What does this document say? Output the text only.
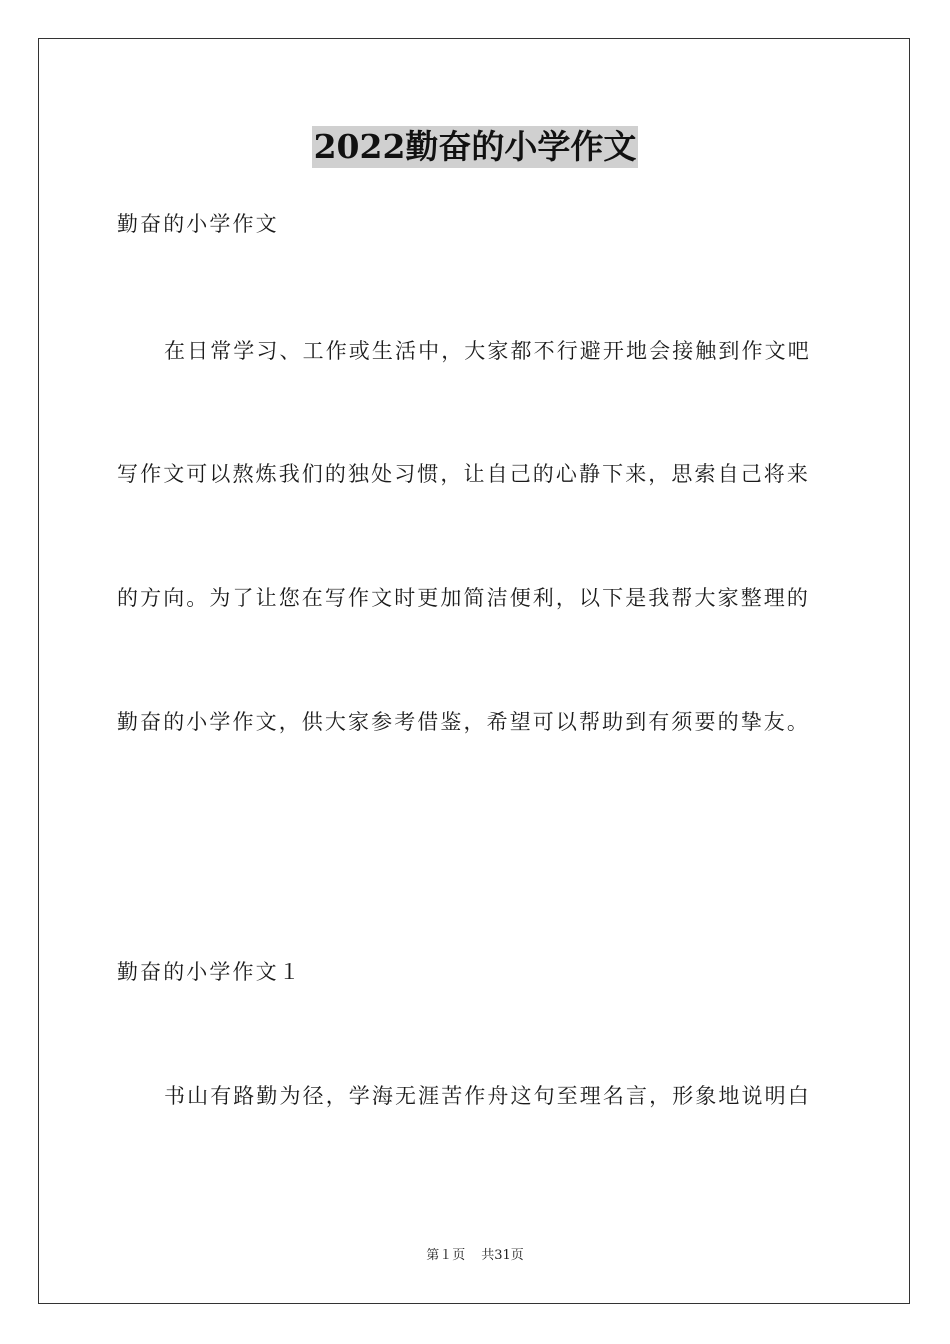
2022勤奋的小学作文
勤奋的小学作文
在日常学习、工作或生活中，大家都不行避开地会接触到作文吧
写作文可以熬炼我们的独处习惯，让自己的心静下来，思索自己将来
的方向。为了让您在写作文时更加简洁便利，以下是我帮大家整理的
勤奋的小学作文，供大家参考借鉴，希望可以帮助到有须要的挚友。
勤奋的小学作文１
书山有路勤为径，学海无涯苦作舟这句至理名言，形象地说明白
第１页 共31页
